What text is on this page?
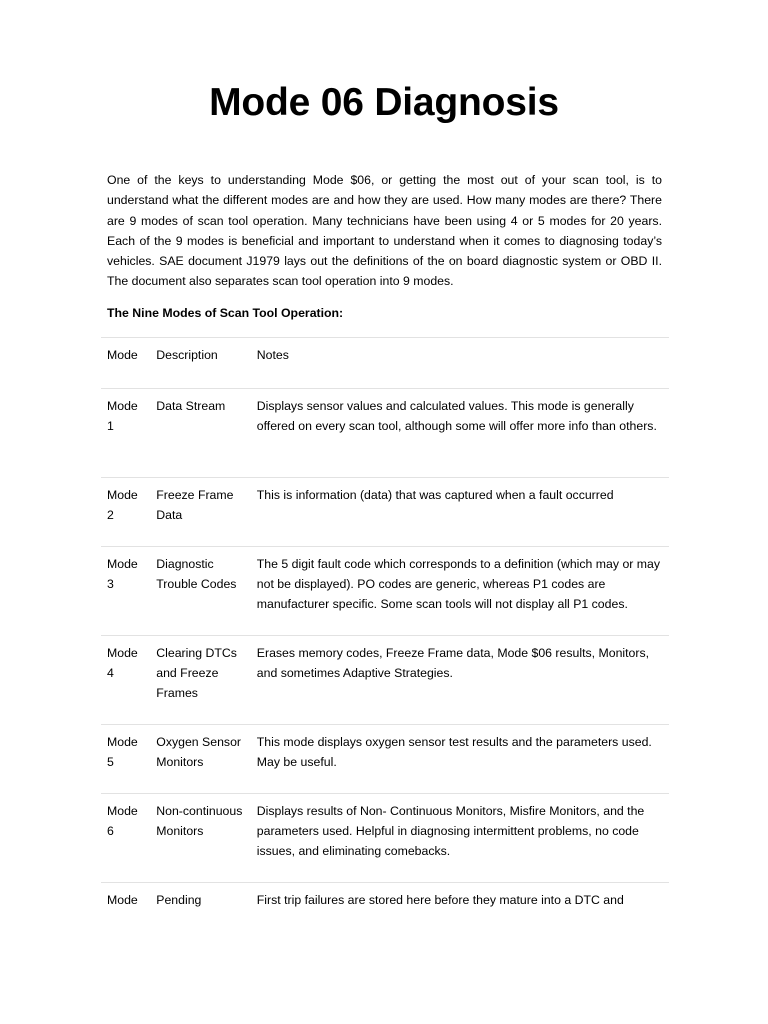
Mode 06 Diagnosis

One of the keys to understanding Mode $06, or getting the most out of your scan tool, is to understand what the different modes are and how they are used. How many modes are there? There are 9 modes of scan tool operation. Many technicians have been using 4 or 5 modes for 20 years. Each of the 9 modes is beneficial and important to understand when it comes to diagnosing today’s vehicles. SAE document J1979 lays out the definitions of the on board diagnostic system or OBD II. The document also separates scan tool operation into 9 modes.

The Nine Modes of Scan Tool Operation:

Mode	Description	Notes
Mode 1	Data Stream	Displays sensor values and calculated values. This mode is generally offered on every scan tool, although some will offer more info than others.
Mode 2	Freeze Frame Data	This is information (data) that was captured when a fault occurred
Mode 3	Diagnostic Trouble Codes	The 5 digit fault code which corresponds to a definition (which may or may not be displayed). PO codes are generic, whereas P1 codes are manufacturer specific. Some scan tools will not display all P1 codes.
Mode 4	Clearing DTCs and Freeze Frames	Erases memory codes, Freeze Frame data, Mode $06 results, Monitors, and sometimes Adaptive Strategies.
Mode 5	Oxygen Sensor Monitors	This mode displays oxygen sensor test results and the parameters used. May be useful.
Mode 6	Non-continuous Monitors	Displays results of Non- Continuous Monitors, Misfire Monitors, and the parameters used. Helpful in diagnosing intermittent problems, no code issues, and eliminating comebacks.
Mode	Pending	First trip failures are stored here before they mature into a DTC and
